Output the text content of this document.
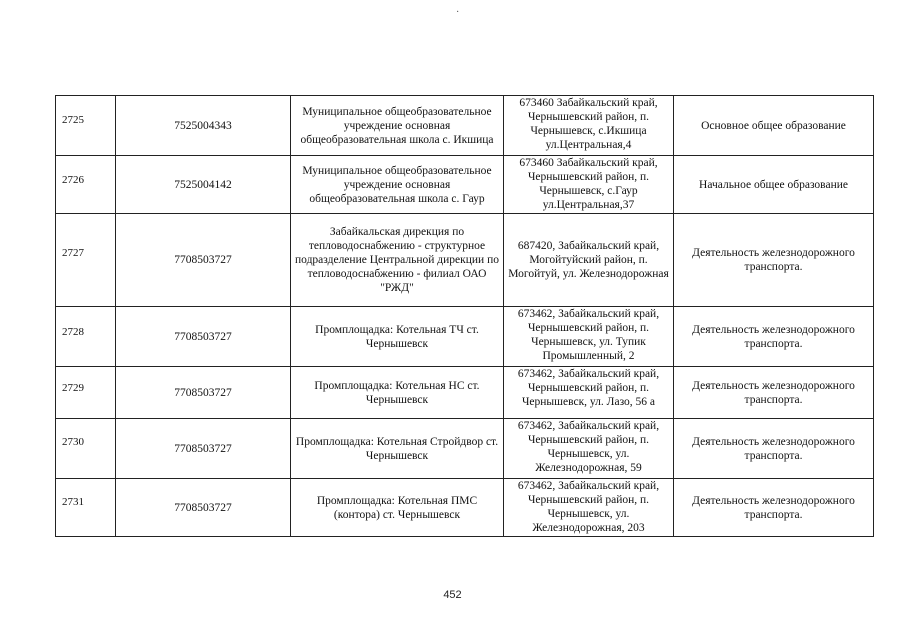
·
2725	7525004343	Муниципальное общеобразовательное учреждение основная общеобразовательная школа с. Икшица	673460 Забайкальский край, Чернышевский район, п. Чернышевск, с.Икшица ул.Центральная,4	Основное общее образование
2726	7525004142	Муниципальное общеобразовательное учреждение основная общеобразовательная школа с. Гаур	673460 Забайкальский край, Чернышевский район, п. Чернышевск, с.Гаур ул.Центральная,37	Начальное общее образование
2727	7708503727	Забайкальская дирекция по тепловодоснабжению - структурное подразделение Центральной дирекции по тепловодоснабжению - филиал ОАО "РЖД"	687420, Забайкальский край, Могойтуйский район, п. Могойтуй, ул. Железнодорожная	Деятельность железнодорожного транспорта.
2728	7708503727	Промплощадка: Котельная ТЧ ст. Чернышевск	673462, Забайкальский край, Чернышевский район, п. Чернышевск, ул. Тупик Промышленный, 2	Деятельность железнодорожного транспорта.
2729	7708503727	Промплощадка: Котельная НС ст. Чернышевск	673462, Забайкальский край, Чернышевский район, п. Чернышевск, ул. Лазо, 56 а	Деятельность железнодорожного транспорта.
2730	7708503727	Промплощадка: Котельная Стройдвор ст. Чернышевск	673462, Забайкальский край, Чернышевский район, п. Чернышевск, ул. Железнодорожная, 59	Деятельность железнодорожного транспорта.
2731	7708503727	Промплощадка: Котельная ПМС (контора) ст. Чернышевск	673462, Забайкальский край, Чернышевский район, п. Чернышевск, ул. Железнодорожная, 203	Деятельность железнодорожного транспорта.
452
